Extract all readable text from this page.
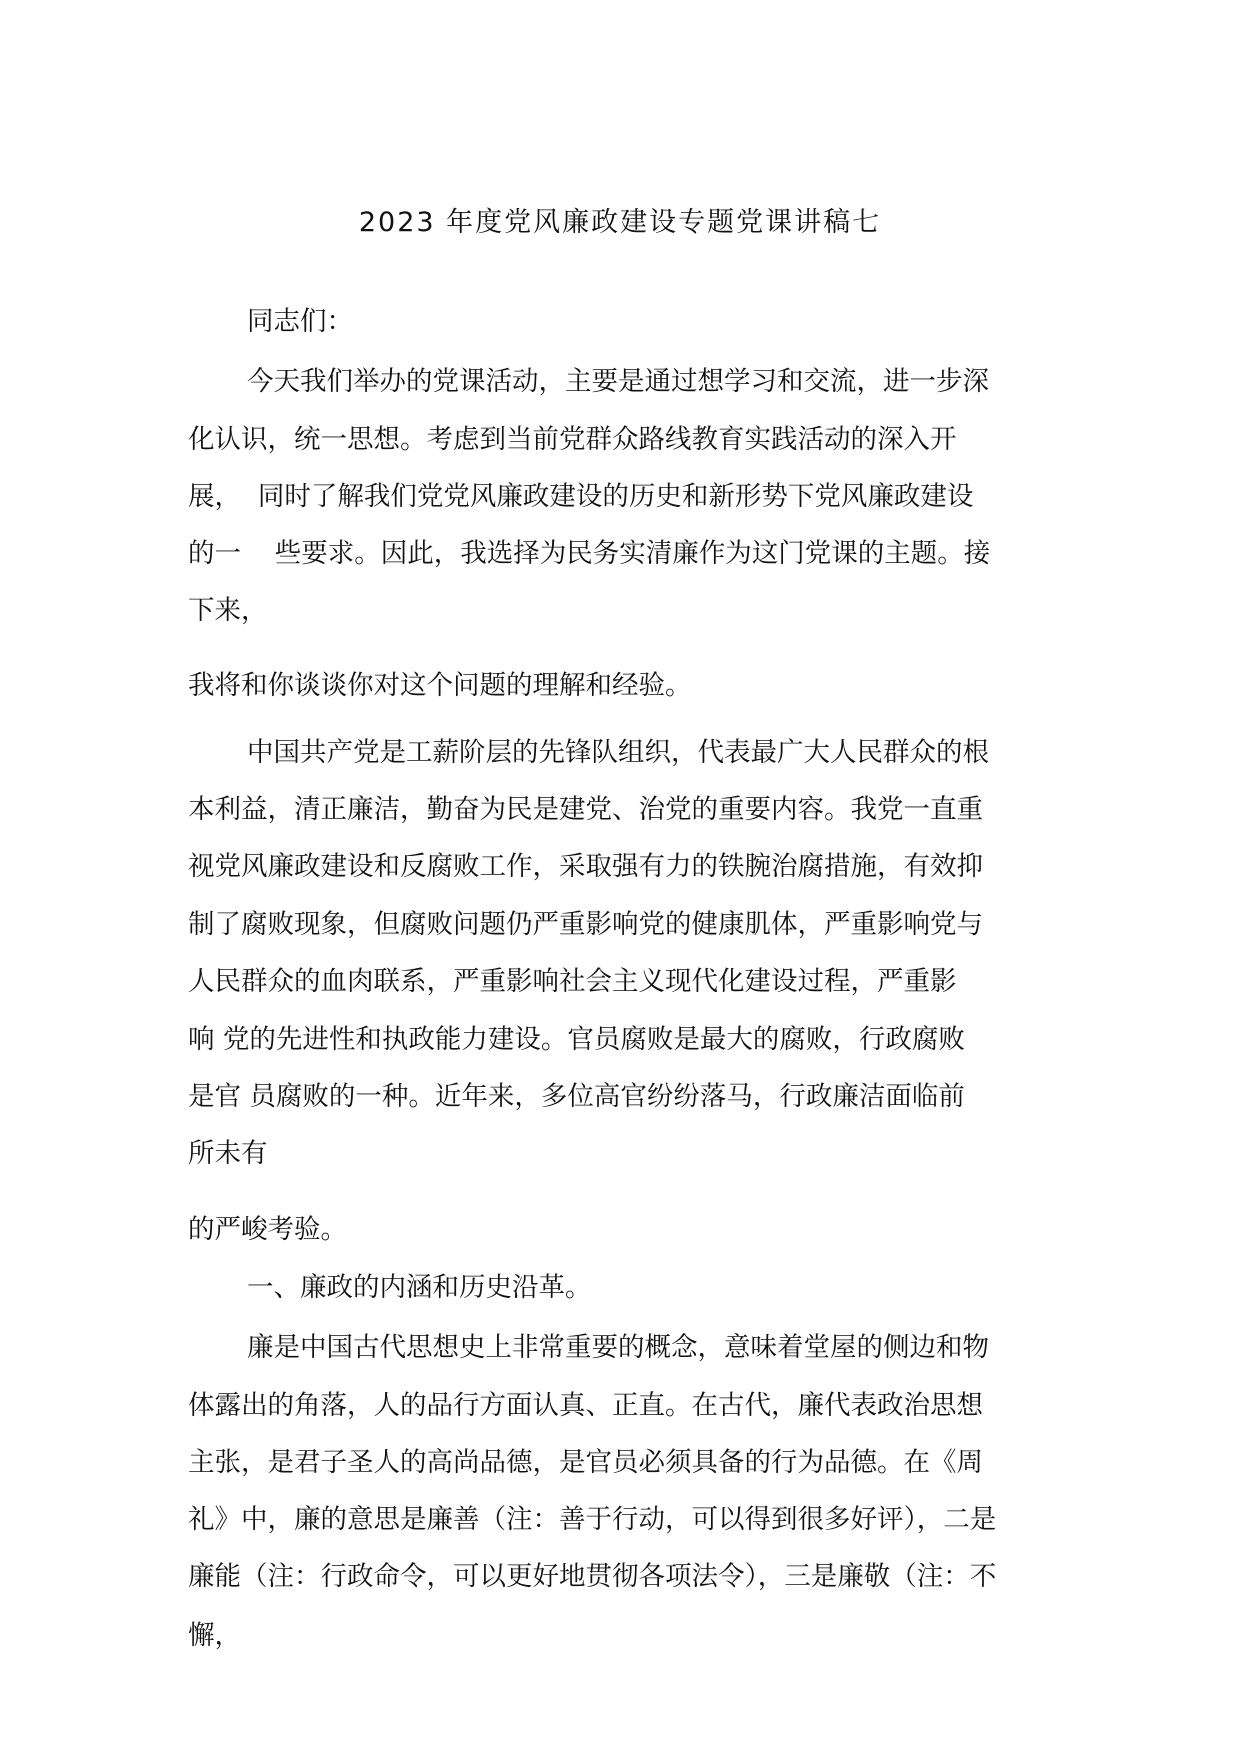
2023 年度党风廉政建设专题党课讲稿七

同志们：

今天我们举办的党课活动，主要是通过想学习和交流，进一步深

化认识，统一思想。考虑到当前党群众路线教育实践活动的深入开

展，  同时了解我们党党风廉政建设的历史和新形势下党风廉政建设

的一    些要求。因此，我选择为民务实清廉作为这门党课的主题。接

下来，

我将和你谈谈你对这个问题的理解和经验。

中国共产党是工薪阶层的先锋队组织，代表最广大人民群众的根

本利益，清正廉洁，勤奋为民是建党、治党的重要内容。我党一直重

视党风廉政建设和反腐败工作，采取强有力的铁腕治腐措施，有效抑

制了腐败现象，但腐败问题仍严重影响党的健康肌体，严重影响党与

人民群众的血肉联系，严重影响社会主义现代化建设过程，严重影

响 党的先进性和执政能力建设。官员腐败是最大的腐败，行政腐败

是官 员腐败的一种。近年来，多位高官纷纷落马，行政廉洁面临前

所未有

的严峻考验。

一、廉政的内涵和历史沿革。

廉是中国古代思想史上非常重要的概念，意味着堂屋的侧边和物

体露出的角落，人的品行方面认真、正直。在古代，廉代表政治思想

主张，是君子圣人的高尚品德，是官员必须具备的行为品德。在《周

礼》中，廉的意思是廉善（注：善于行动，可以得到很多好评），二是

廉能（注：行政命令，可以更好地贯彻各项法令），三是廉敬（注：不

懈，
